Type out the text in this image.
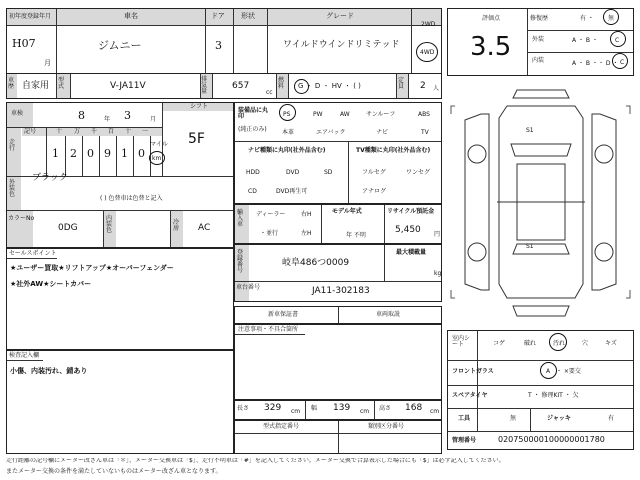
初年度登録年月	車名	ドア 形状	グレード
H07
月
ジムニー	3	ワイルドウインドリミテッド
2WD
4WD
車歴 自家用
型式	V-JA11V
排気量
657
cc
燃料	G ・ D ・ HV ・ ( )
定員	2 人
車検	8	年 3	月
シフト
5F
走行
記号	十 万 千 百 十 一
1 2 0 9 1 0
マイル
km
外装色
ブラック
( ) 色替車は色替と記入
カラーNo
0DG
内装色
冷房 AC
装備品に丸印
(純正のみ)
PS	PW	AW	サンルーフ	ABS
本革	エアバック	ナビ	TV
ナビ種類に丸印(社外品含む)	TV種類に丸印(社外品含む)
HDD	DVD	SD
CD	DVD再生可
フルセグ	ワンセグ
アナログ
輸入車
ディーラー
・並行
右H
左H
モデル年式
年 不明
リサイクル預託金
5,450 円
登録番号
岐阜486つ0009
最大積載量
kg
車台番号	JA11-302183
新車保証書	車両取説
注意事項・不具合箇所
長さ 329 cm 幅 139 cm 高さ 168 cm
型式指定番号	類別区分番号
セールスポイント
★ユーザー買取★リフトアップ★オーバーフェンダー
★社外AW★シートカバー
検査記入欄
小傷、内装汚れ、錆あり
評価点
3.5
修復歴	有 ・ 無
外装	A ・ B ・	C
内装	A ・ B ・ ・ D ・ C
S1
S1
室内シート	コゲ	破れ	汚れ	穴	キズ
フロントガラス	A ・ ×要交
スペアタイヤ	T ・ 修理KIT ・ 欠
工具	無	ジャッキ	有
管理番号	020750000100000001780
走行距離の記号欄にメーター改ざん車は「＊」、メーター交換車は「$」、走行不明車は「#」を記入してください。メーター交換で合算表示した場合にも「$」は必ず記入してください。
またメーター交換の条件を満たしていないものはメーター改ざん車となります。
